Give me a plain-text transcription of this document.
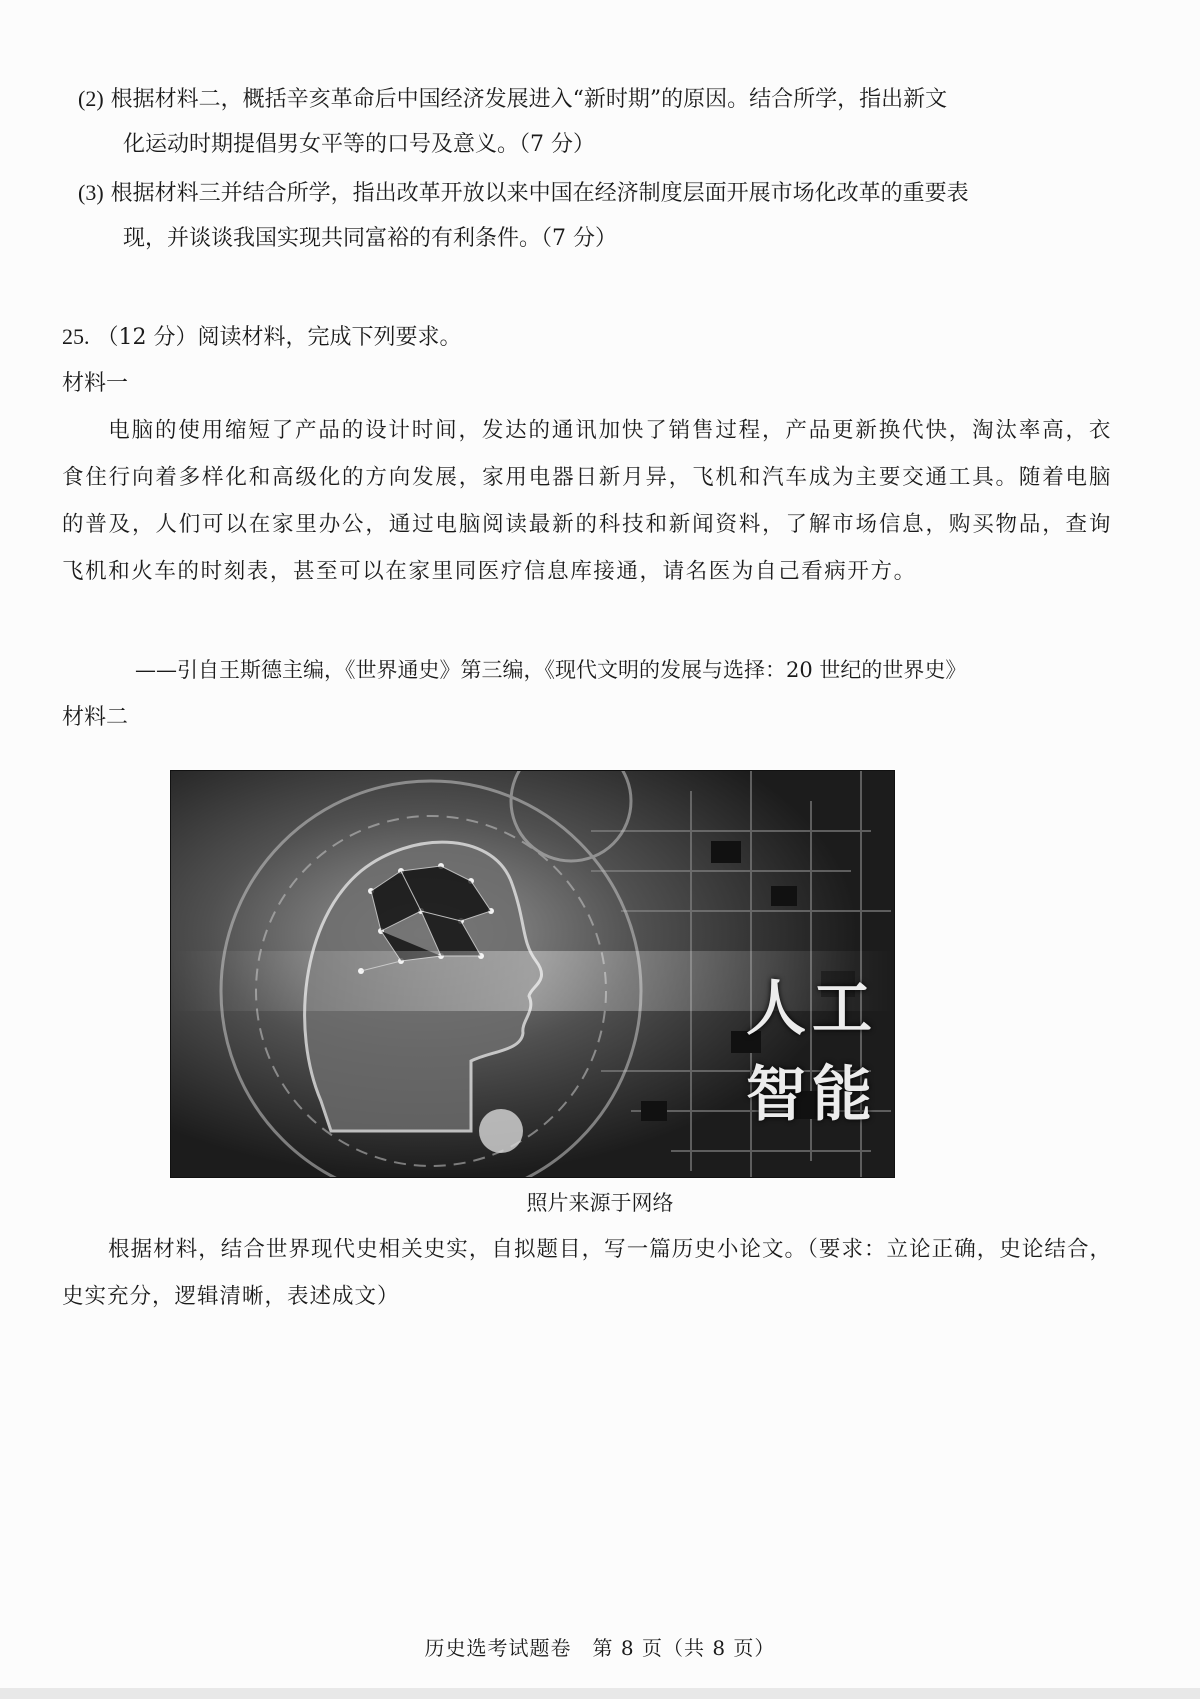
(2) 根据材料二，概括辛亥革命后中国经济发展进入“新时期”的原因。结合所学，指出新文
化运动时期提倡男女平等的口号及意义。（7 分）
(3) 根据材料三并结合所学，指出改革开放以来中国在经济制度层面开展市场化改革的重要表
现，并谈谈我国实现共同富裕的有利条件。（7 分）
25. （12 分）阅读材料，完成下列要求。
材料一
电脑的使用缩短了产品的设计时间，发达的通讯加快了销售过程，产品更新换代快，淘汰率高，衣食住行向着多样化和高级化的方向发展，家用电器日新月异，飞机和汽车成为主要交通工具。随着电脑的普及，人们可以在家里办公，通过电脑阅读最新的科技和新闻资料，了解市场信息，购买物品，查询飞机和火车的时刻表，甚至可以在家里同医疗信息库接通，请名医为自己看病开方。
——引自王斯德主编，《世界通史》第三编，《现代文明的发展与选择：20 世纪的世界史》
材料二
人工智能
照片来源于网络
根据材料，结合世界现代史相关史实，自拟题目，写一篇历史小论文。（要求：立论正确，史论结合，史实充分，逻辑清晰，表述成文）
历史选考试题卷　第 8 页（共 8 页）
